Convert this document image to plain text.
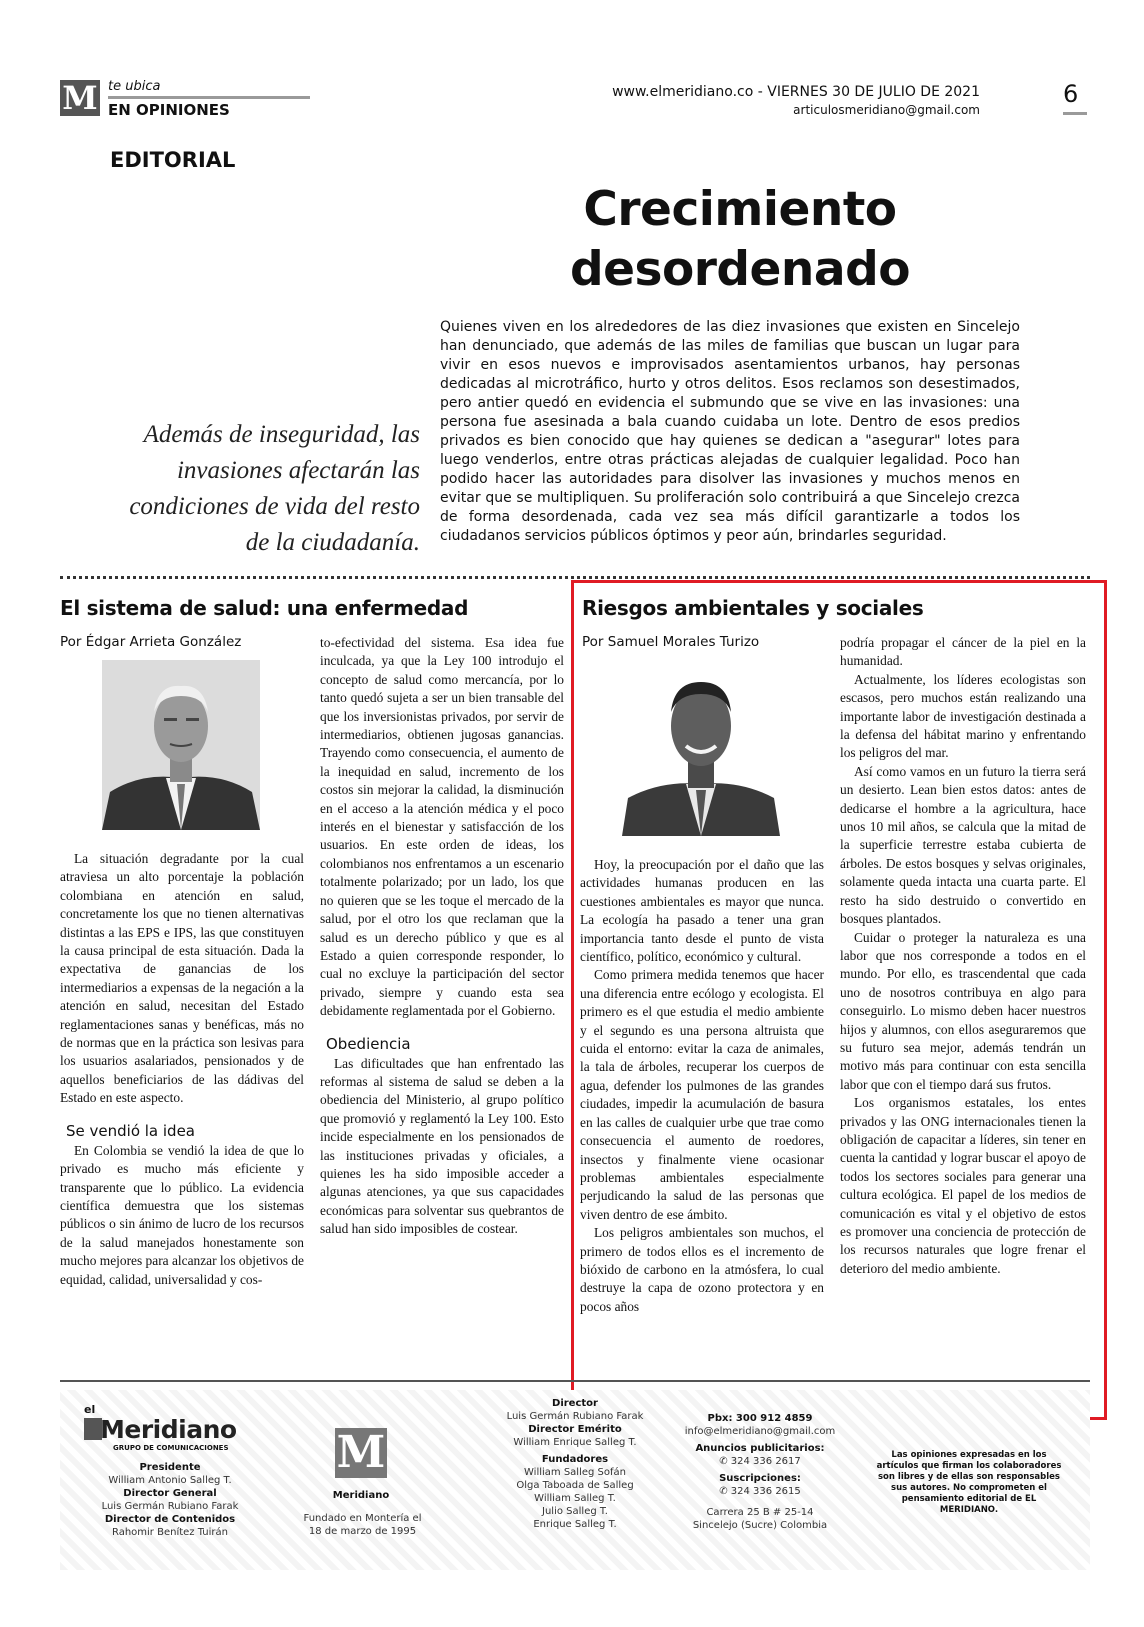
M te ubica
EN OPINIONES
www.elmeridiano.co - VIERNES 30 DE JULIO DE 2021
articulosmeridiano@gmail.com
6
EDITORIAL
Crecimiento desordenado
Quienes viven en los alrededores de las diez invasiones que existen en Sincelejo han denunciado, que además de las miles de familias que buscan un lugar para vivir en esos nuevos e improvisados asentamientos urbanos, hay personas dedicadas al microtráfico, hurto y otros delitos. Esos reclamos son desestimados, pero antier quedó en evidencia el submundo que se vive en las invasiones: una persona fue asesinada a bala cuando cuidaba un lote. Dentro de esos predios privados es bien conocido que hay quienes se dedican a "asegurar" lotes para luego venderlos, entre otras prácticas alejadas de cualquier legalidad. Poco han podido hacer las autoridades para disolver las invasiones y muchos menos en evitar que se multipliquen. Su proliferación solo contribuirá a que Sincelejo crezca de forma desordenada, cada vez sea más difícil garantizarle a todos los ciudadanos servicios públicos óptimos y peor aún, brindarles seguridad.
Además de inseguridad, las invasiones afectarán las condiciones de vida del resto de la ciudadanía.
El sistema de salud: una enfermedad
Por Édgar Arrieta González

La situación degradante por la cual atraviesa un alto porcentaje la población colombiana en atención en salud, concretamente los que no tienen alternativas distintas a las EPS e IPS, las que constituyen la causa principal de esta situación. Dada la expectativa de ganancias de los intermediarios a expensas de la negación a la atención en salud, necesitan del Estado reglamentaciones sanas y benéficas, más no de normas que en la práctica son lesivas para los usuarios asalariados, pensionados y de aquellos beneficiarios de las dádivas del Estado en este aspecto.

Se vendió la idea

En Colombia se vendió la idea de que lo privado es mucho más eficiente y transparente que lo público. La evidencia científica demuestra que los sistemas públicos o sin ánimo de lucro de los recursos de la salud manejados honestamente son mucho mejores para alcanzar los objetivos de equidad, calidad, universalidad y cos-

to-efectividad del sistema. Esa idea fue inculcada, ya que la Ley 100 introdujo el concepto de salud como mercancía, por lo tanto quedó sujeta a ser un bien transable del que los inversionistas privados, por servir de intermediarios, obtienen jugosas ganancias. Trayendo como consecuencia, el aumento de la inequidad en salud, incremento de los costos sin mejorar la calidad, la disminución en el acceso a la atención médica y el poco interés en el bienestar y satisfacción de los usuarios. En este orden de ideas, los colombianos nos enfrentamos a un escenario totalmente polarizado; por un lado, los que no quieren que se les toque el mercado de la salud, por el otro los que reclaman que la salud es un derecho público y que es al Estado a quien corresponde responder, lo cual no excluye la participación del sector privado, siempre y cuando esta sea debidamente reglamentada por el Gobierno.

Obediencia

Las dificultades que han enfrentado las reformas al sistema de salud se deben a la obediencia del Ministerio, al grupo político que promovió y reglamentó la Ley 100. Esto incide especialmente en los pensionados de las instituciones privadas y oficiales, a quienes les ha sido imposible acceder a algunas atenciones, ya que sus capacidades económicas para solventar sus quebrantos de salud han sido imposibles de costear.

Riesgos ambientales y sociales
Por Samuel Morales Turizo

Hoy, la preocupación por el daño que las actividades humanas producen en las cuestiones ambientales es mayor que nunca. La ecología ha pasado a tener una gran importancia tanto desde el punto de vista científico, político, económico y cultural.

Como primera medida tenemos que hacer una diferencia entre ecólogo y ecologista. El primero es el que estudia el medio ambiente y el segundo es una persona altruista que cuida el entorno: evitar la caza de animales, la tala de árboles, recuperar los cuerpos de agua, defender los pulmones de las grandes ciudades, impedir la acumulación de basura en las calles de cualquier urbe que trae como consecuencia el aumento de roedores, insectos y finalmente viene ocasionar problemas ambientales especialmente perjudicando la salud de las personas que viven dentro de ese ámbito.

Los peligros ambientales son muchos, el primero de todos ellos es el incremento de bióxido de carbono en la atmósfera, lo cual destruye la capa de ozono protectora y en pocos años

podría propagar el cáncer de la piel en la humanidad.

Actualmente, los líderes ecologistas son escasos, pero muchos están realizando una importante labor de investigación destinada a la defensa del hábitat marino y enfrentando los peligros del mar.

Así como vamos en un futuro la tierra será un desierto. Lean bien estos datos: antes de dedicarse el hombre a la agricultura, hace unos 10 mil años, se calcula que la mitad de la superficie terrestre estaba cubierta de árboles. De estos bosques y selvas originales, solamente queda intacta una cuarta parte. El resto ha sido destruido o convertido en bosques plantados.

Cuidar o proteger la naturaleza es una labor que nos corresponde a todos en el mundo. Por ello, es trascendental que cada uno de nosotros contribuya en algo para conseguirlo. Lo mismo deben hacer nuestros hijos y alumnos, con ellos aseguraremos que su futuro sea mejor, además tendrán un motivo más para continuar con esta sencilla labor que con el tiempo dará sus frutos.

Los organismos estatales, los entes privados y las ONG internacionales tienen la obligación de capacitar a líderes, sin tener en cuenta la cantidad y lograr buscar el apoyo de todos los sectores sociales para generar una cultura ecológica. El papel de los medios de comunicación es vital y el objetivo de estos es promover una conciencia de protección de los recursos naturales que logre frenar el deterioro del medio ambiente.

el
Meridiano
GRUPO DE COMUNICACIONES
Presidente
William Antonio Salleg T.
Director General
Luis Germán Rubiano Farak
Director de Contenidos
Rahomir Benítez Tuirán
M
Meridiano
Fundado en Montería el 18 de marzo de 1995
Director
Luis Germán Rubiano Farak
Director Emérito
William Enrique Salleg T.
Fundadores
William Salleg Sofán
Olga Taboada de Salleg
William Salleg T.
Julio Salleg T.
Enrique Salleg T.
Pbx: 300 912 4859
info@elmeridiano@gmail.com
Anuncios publicitarios:
✆ 324 336 2617
Suscripciones:
✆ 324 336 2615
Carrera 25 B # 25-14
Sincelejo (Sucre) Colombia
Las opiniones expresadas en los artículos que firman los colaboradores son libres y de ellas son responsables sus autores. No comprometen el pensamiento editorial de EL MERIDIANO.
